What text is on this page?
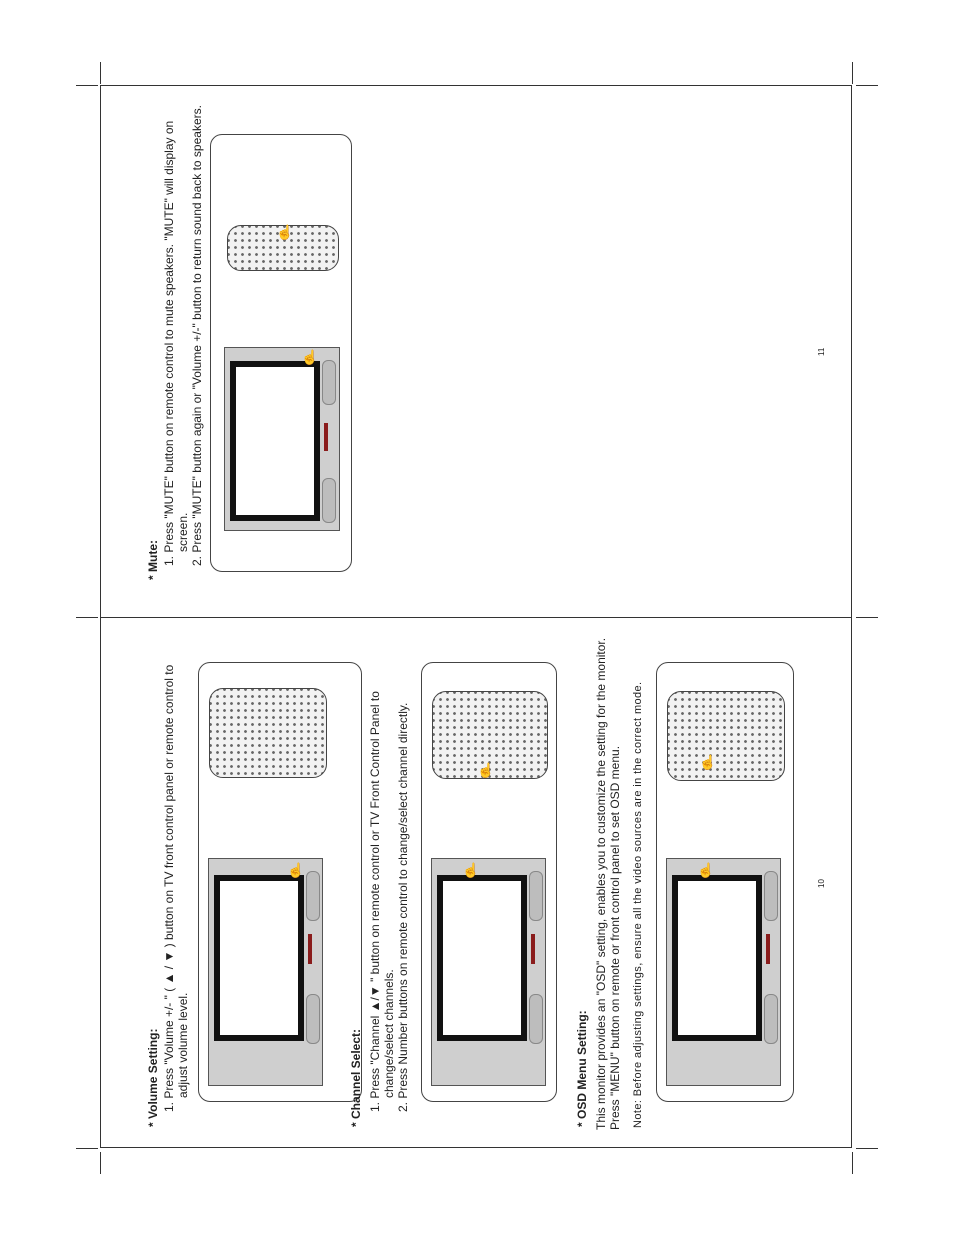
* Volume Setting: 1. Press "Volume +/- " ( ▲ / ▼ ) button on TV front control panel or remote control to adjust volume level.
☝
* Channel Select: 1. Press "Channel ▲/▼ " button on remote control or TV Front Control Panel to change/select channels. 2. Press Number buttons on remote control to change/select channel directly.	☝
☝
* OSD Menu Setting: This monitor provides an "OSD" setting, enables you to customize the setting for the monitor. Press "MENU" button on remote or front control panel to set OSD menu. Note: Before adjusting settings, ensure all the video sources are in the correct mode.	☝
☝
10
* Mute: 1. Press "MUTE" button on remote control to mute speakers. "MUTE" will display on screen. 2. Press "MUTE" button again or "Volume +/-" button to return sound back to speakers.	☝
☝
11
